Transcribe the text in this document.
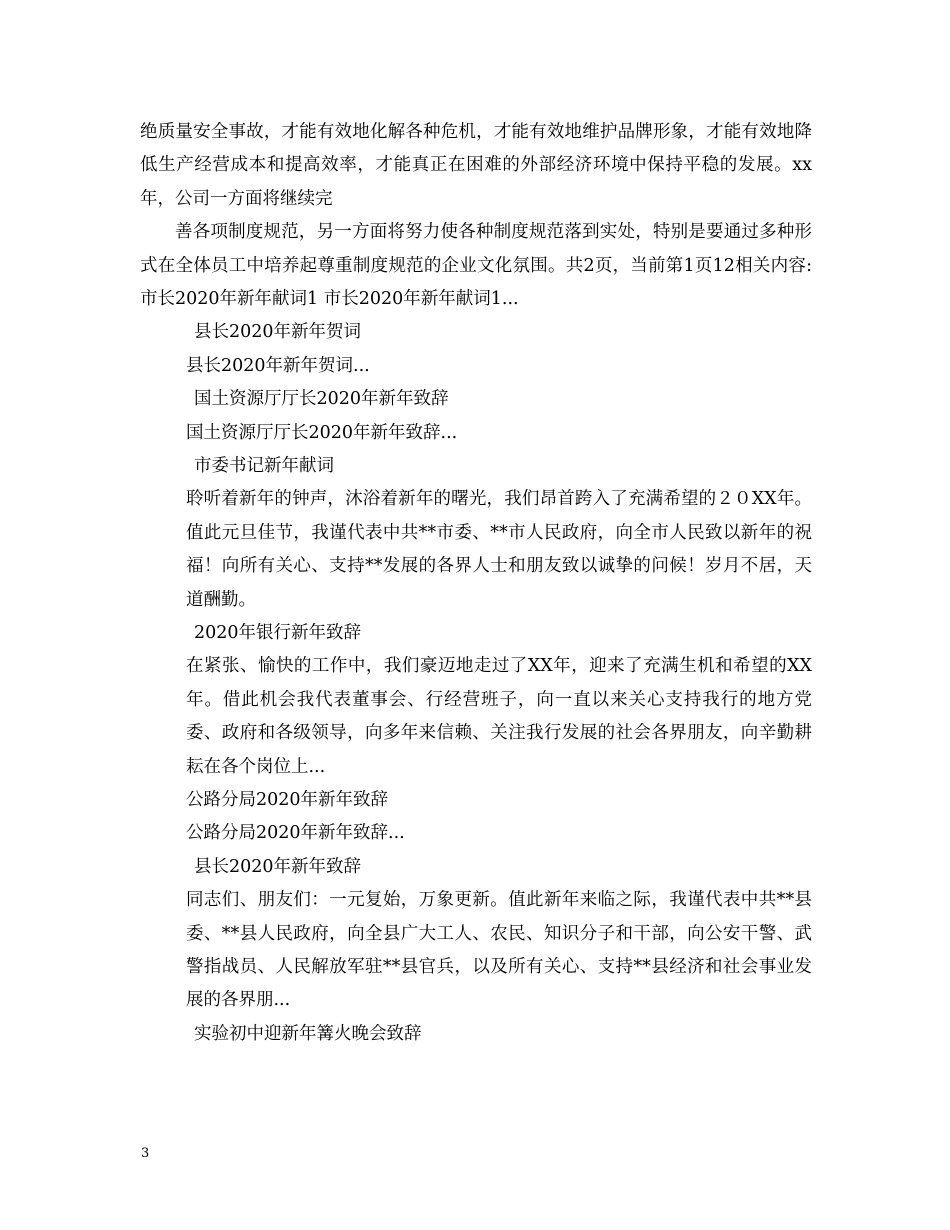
绝质量安全事故，才能有效地化解各种危机，才能有效地维护品牌形象，才能有效地降低生产经营成本和提高效率，才能真正在困难的外部经济环境中保持平稳的发展。xx年，公司一方面将继续完
善各项制度规范，另一方面将努力使各种制度规范落到实处，特别是要通过多种形式在全体员工中培养起尊重制度规范的企业文化氛围。共2页，当前第1页12相关内容:市长2020年新年献词1 市长2020年新年献词1...
县长2020年新年贺词
县长2020年新年贺词...
国土资源厅厅长2020年新年致辞
国土资源厅厅长2020年新年致辞...
市委书记新年献词
聆听着新年的钟声，沐浴着新年的曙光，我们昂首跨入了充满希望的２０XX年。值此元旦佳节，我谨代表中共**市委、**市人民政府，向全市人民致以新年的祝福！向所有关心、支持**发展的各界人士和朋友致以诚挚的问候！岁月不居，天道酬勤。
2020年银行新年致辞
在紧张、愉快的工作中，我们豪迈地走过了XX年，迎来了充满生机和希望的XX年。借此机会我代表董事会、行经营班子，向一直以来关心支持我行的地方党委、政府和各级领导，向多年来信赖、关注我行发展的社会各界朋友，向辛勤耕耘在各个岗位上...
公路分局2020年新年致辞
公路分局2020年新年致辞...
县长2020年新年致辞
同志们、朋友们：一元复始，万象更新。值此新年来临之际，我谨代表中共**县委、**县人民政府，向全县广大工人、农民、知识分子和干部，向公安干警、武警指战员、人民解放军驻**县官兵，以及所有关心、支持**县经济和社会事业发展的各界朋...
实验初中迎新年篝火晚会致辞
3
